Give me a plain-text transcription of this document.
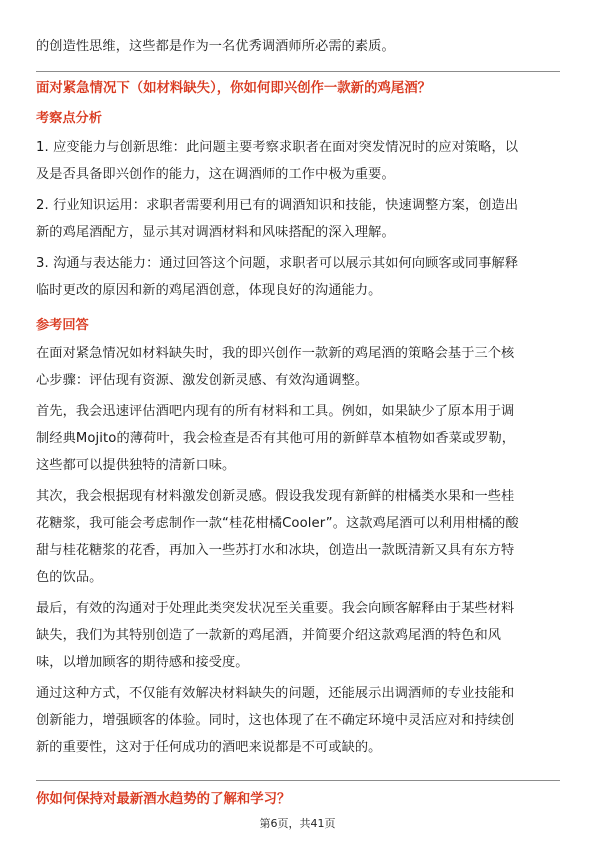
的创造性思维，这些都是作为一名优秀调酒师所必需的素质。

面对紧急情况下（如材料缺失），你如何即兴创作一款新的鸡尾酒？

考察点分析

1. 应变能力与创新思维：此问题主要考察求职者在面对突发情况时的应对策略，以

及是否具备即兴创作的能力，这在调酒师的工作中极为重要。

2. 行业知识运用：求职者需要利用已有的调酒知识和技能，快速调整方案，创造出

新的鸡尾酒配方，显示其对调酒材料和风味搭配的深入理解。

3. 沟通与表达能力：通过回答这个问题，求职者可以展示其如何向顾客或同事解释

临时更改的原因和新的鸡尾酒创意，体现良好的沟通能力。

参考回答

在面对紧急情况如材料缺失时，我的即兴创作一款新的鸡尾酒的策略会基于三个核

心步骤：评估现有资源、激发创新灵感、有效沟通调整。

首先，我会迅速评估酒吧内现有的所有材料和工具。例如，如果缺少了原本用于调

制经典Mojito的薄荷叶，我会检查是否有其他可用的新鲜草本植物如香菜或罗勒，

这些都可以提供独特的清新口味。

其次，我会根据现有材料激发创新灵感。假设我发现有新鲜的柑橘类水果和一些桂

花糖浆，我可能会考虑制作一款“桂花柑橘Cooler”。这款鸡尾酒可以利用柑橘的酸

甜与桂花糖浆的花香，再加入一些苏打水和冰块，创造出一款既清新又具有东方特

色的饮品。

最后，有效的沟通对于处理此类突发状况至关重要。我会向顾客解释由于某些材料

缺失，我们为其特别创造了一款新的鸡尾酒，并简要介绍这款鸡尾酒的特色和风

味，以增加顾客的期待感和接受度。

通过这种方式，不仅能有效解决材料缺失的问题，还能展示出调酒师的专业技能和

创新能力，增强顾客的体验。同时，这也体现了在不确定环境中灵活应对和持续创

新的重要性，这对于任何成功的酒吧来说都是不可或缺的。

你如何保持对最新酒水趋势的了解和学习？

第6页，共41页
